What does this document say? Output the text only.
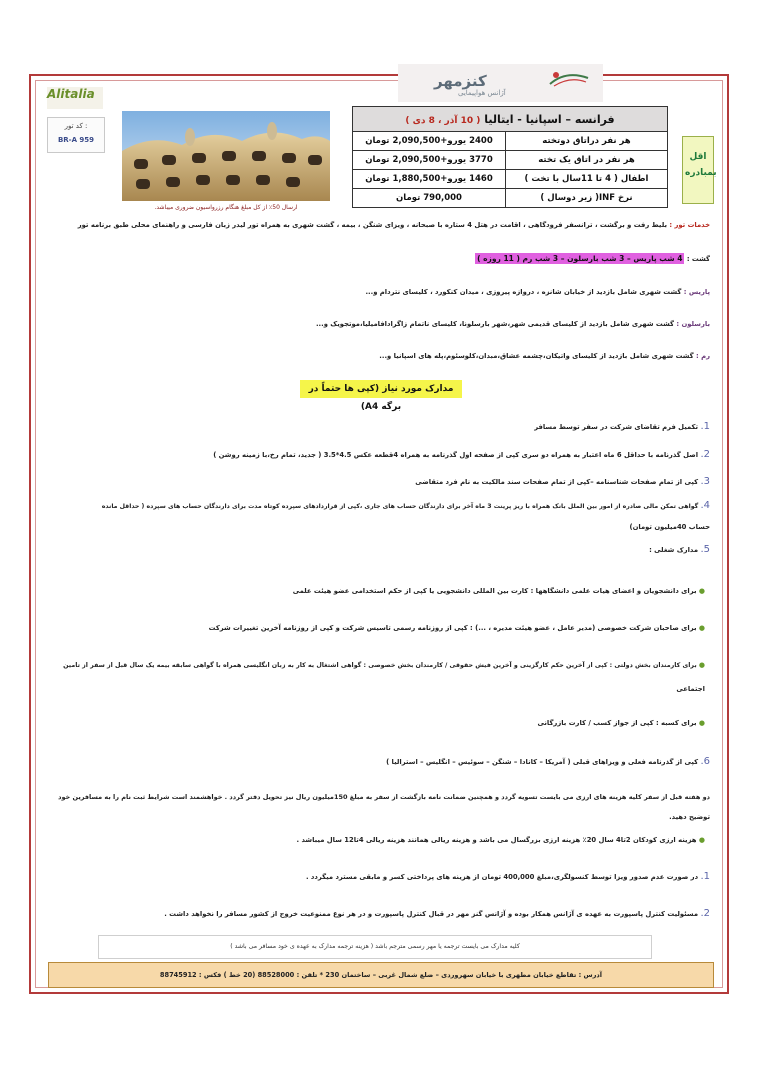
کنزمهر
آژانس هواپیمایی
Alitalia
کد تور :
BR-A 959
ارسال 50٪ از کل مبلغ هنگام رزرواسیون ضروری میباشد.
فرانسه – اسپانیا - ایتالیا ( 10 آذر ، 8 دی )	
هر نفر دراتاق دوتخته	2400 یورو+2,090,500 تومان
هر نفر در اتاق یک تخته	3770 یورو+2,090,500 تومان
اطفال ( 4 تا 11سال با تخت )	1460 یورو+1,880,500 تومان
نرخ INF( زیر دوسال )	790,000 تومان
اقل
بمبادره
خدمات تور : بلیط رفت و برگشت ، ترانسفر فرودگاهی ، اقامت در هتل 4 ستاره با صبحانه ، ویزای شنگن ، بیمه ، گشت شهری به همراه تور لیدر زبان فارسی و راهنمای محلی طبق برنامه تور
گشت : 4 شب پاریس – 3 شب بارسلون – 3 شب رم ( 11 روزه )
پاریس : گشت شهری شامل بازدید از خیابان شانزه ، دروازه پیروزی ، میدان کنکورد ، کلیسای نتردام و...
بارسلون : گشت شهری شامل بازدید از کلیسای قدیمی شهر،شهر بارسلونا، کلیسای ناتمام زاگرادافامیلیا،موتجویک و...
رم : گشت شهری شامل بازدید از کلیسای واتیکان،چشمه عشاق،مبدان،کلوسئوم،پله های اسپانیا و...
مدارک مورد نیاز (کپی ها حتماً در برگه A4)
1. تکمیل فرم تقاضای شرکت در سفر توسط مسافر
2. اصل گذرنامه با حداقل 6 ماه اعتبار به همراه دو سری کپی از صفحه اول گذرنامه به همراه 4قطعه عکس 4.5*3.5 ( جدید، تمام رخ،با زمینه روشن )
3. کپی از تمام صفحات شناسنامه –کپی از تمام صفحات سند مالکیت به نام فرد متقاضی
4. گواهی تمکن مالی صادره از امور بین الملل بانک همراه با ریز پرینت 3 ماه آخر برای دارندگان حساب های جاری ،کپی از قراردادهای سپرده کوتاه مدت برای دارندگان حساب های سپرده ( حداقل مانده
حساب 40میلیون تومان)
5. مدارک شغلی :
● برای دانشجویان و اعضای هیات علمی دانشگاهها : کارت بین المللی دانشجویی یا کپی از حکم استخدامی عضو هیئت علمی
● برای صاحبان شرکت خصوصی (مدیر عامل ، عضو هیئت مدیره ، ...) : کپی از روزنامه رسمی تاسیس شرکت و کپی از روزنامه آخرین تغییرات شرکت
● برای کارمندان بخش دولتی : کپی از آخرین حکم کارگزینی و آخرین فیش حقوقی / کارمندان بخش خصوصی : گواهی اشتغال به کار به زبان انگلیسی همراه با گواهی سابقه بیمه یک سال قبل از سفر از تامین
اجتماعی
● برای کسبه : کپی از جواز کسب / کارت بازرگانی
6. کپی از گذرنامه فعلی و ویزاهای قبلی ( آمریکا – کانادا – شنگن – سوئیس – انگلیس – استرالیا )
دو هفته قبل از سفر کلیه هزینه های ارزی می بایست تسویه گردد و همچنین ضمانت نامه بازگشت از سفر به مبلغ 150میلیون ریال نیز تحویل دفتر گردد . خواهشمند است شرایط ثبت نام را به مسافرین خود
توضیح دهید.
● هزینه ارزی کودکان 2تا4 سال 20٪ هزینه ارزی بزرگسال می باشد و هزینه ریالی همانند هزینه ریالی 4تا12 سال میباشد .
1. در صورت عدم صدور ویزا توسط کنسولگری،مبلغ 400,000 تومان از هزینه های پرداختی کسر و مابقی مسترد میگردد .
2. مسئولیت کنترل پاسپورت به عهده ی آژانس همکار بوده و آژانس گنز مهر در قبال کنترل پاسپورت و در هر نوع ممنوعیت خروج از کشور مسافر را نخواهد داشت .
کلیه مدارک می بایست ترجمه یا مهر رسمی مترجم باشد ( هزینه ترجمه مدارک به عهده ی خود مسافر می باشد )
آدرس : تقاطع خیابان مطهری با خیابان سهروردی – ضلع شمال غربی – ساختمان 230 * تلفن : 88528000 (20 خط ) فکس : 88745912
